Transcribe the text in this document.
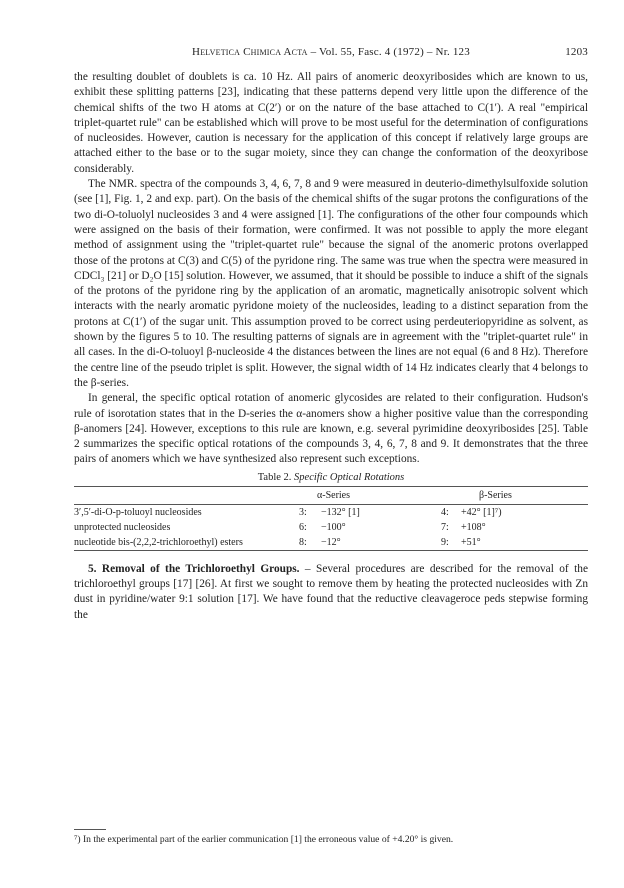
Helvetica Chimica Acta – Vol. 55, Fasc. 4 (1972) – Nr. 123	1203

the resulting doublet of doublets is ca. 10 Hz. All pairs of anomeric deoxyribosides which are known to us, exhibit these splitting patterns [23], indicating that these patterns depend very little upon the difference of the chemical shifts of the two H atoms at C(2′) or on the nature of the base attached to C(1′). A real "empirical triplet-quartet rule" can be established which will prove to be most useful for the determination of configurations of nucleosides. However, caution is necessary for the application of this concept if relatively large groups are attached either to the base or to the sugar moiety, since they can change the conformation of the deoxyribose considerably.

The NMR. spectra of the compounds 3, 4, 6, 7, 8 and 9 were measured in deuterio-dimethylsulfoxide solution (see [1], Fig. 1, 2 and exp. part). On the basis of the chemical shifts of the sugar protons the configurations of the two di-O-toluolyl nucleosides 3 and 4 were assigned [1]. The configurations of the other four compounds which were assigned on the basis of their formation, were confirmed. It was not possible to apply the more elegant method of assignment using the "triplet-quartet rule" because the signal of the anomeric protons overlapped those of the protons at C(3) and C(5) of the pyridone ring. The same was true when the spectra were measured in CDCl₃ [21] or D₂O [15] solution. However, we assumed, that it should be possible to induce a shift of the signals of the protons of the pyridone ring by the application of an aromatic, magnetically anisotropic solvent which interacts with the nearly aromatic pyridone moiety of the nucleosides, leading to a distinct separation from the protons at C(1′) of the sugar unit. This assumption proved to be correct using perdeuteriopyridine as solvent, as shown by the figures 5 to 10. The resulting patterns of signals are in agreement with the "triplet-quartet rule" in all cases. In the di-O-toluoyl β-nucleoside 4 the distances between the lines are not equal (6 and 8 Hz). Therefore the centre line of the pseudo triplet is split. However, the signal width of 14 Hz indicates clearly that 4 belongs to the β-series.

In general, the specific optical rotation of anomeric glycosides are related to their configuration. Hudson's rule of isorotation states that in the D-series the α-anomers show a higher positive value than the corresponding β-anomers [24]. However, exceptions to this rule are known, e.g. several pyrimidine deoxyribosides [25]. Table 2 summarizes the specific optical rotations of the compounds 3, 4, 6, 7, 8 and 9. It demonstrates that the three pairs of anomers which we have synthesized also represent such exceptions.

Table 2. Specific Optical Rotations
	α-Series		β-Series	
3′,5′-di-O-p-toluoyl nucleosides	3:	−132° [1]	4:	+42° [1]⁷)
unprotected nucleosides	6:	−100°	7:	+108°
nucleotide bis-(2,2,2-trichloroethyl) esters	8:	−12°	9:	+51°

5. Removal of the Trichloroethyl Groups. – Several procedures are described for the removal of the trichloroethyl groups [17] [26]. At first we sought to remove them by heating the protected nucleosides with Zn dust in pyridine/water 9:1 solution [17]. We have found that the reductive cleavageroce peds stepwise forming the

⁷) In the experimental part of the earlier communication [1] the erroneous value of +4.20° is given.
